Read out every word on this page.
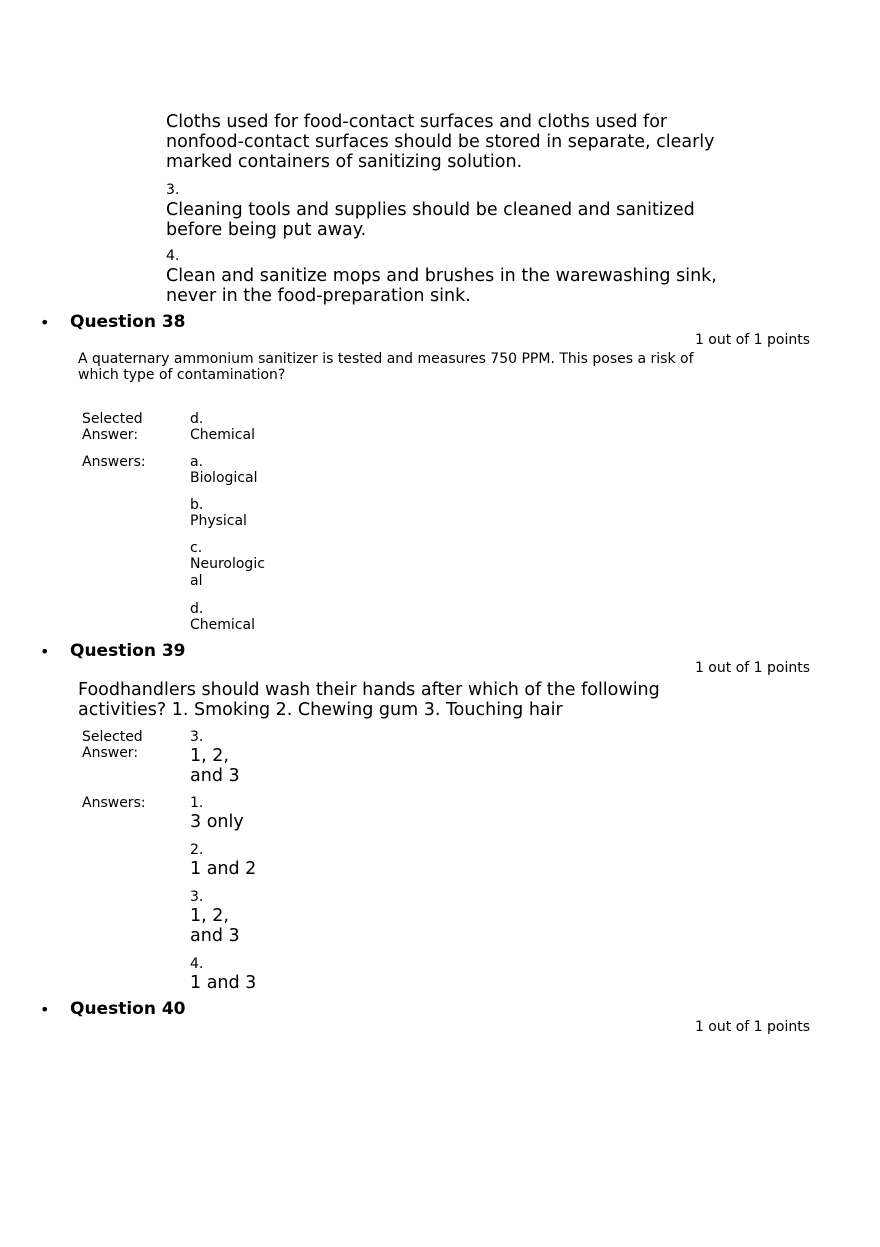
Cloths used for food-contact surfaces and cloths used for nonfood-contact surfaces should be stored in separate, clearly marked containers of sanitizing solution.
3.
Cleaning tools and supplies should be cleaned and sanitized before being put away.
4.
Clean and sanitize mops and brushes in the warewashing sink, never in the food-preparation sink.
• Question 38
1 out of 1 points
A quaternary ammonium sanitizer is tested and measures 750 PPM. This poses a risk of which type of contamination?
Selected Answer:
d.
Chemical
Answers:	a.
Biological
b.
Physical
c.
Neurological
d.
Chemical
• Question 39
1 out of 1 points
Foodhandlers should wash their hands after which of the following activities? 1. Smoking 2. Chewing gum 3. Touching hair
Selected Answer:
3.
1, 2, and 3
Answers:	1.
3 only
2.
1 and 2
3.
1, 2, and 3
4.
1 and 3
• Question 40
1 out of 1 points
